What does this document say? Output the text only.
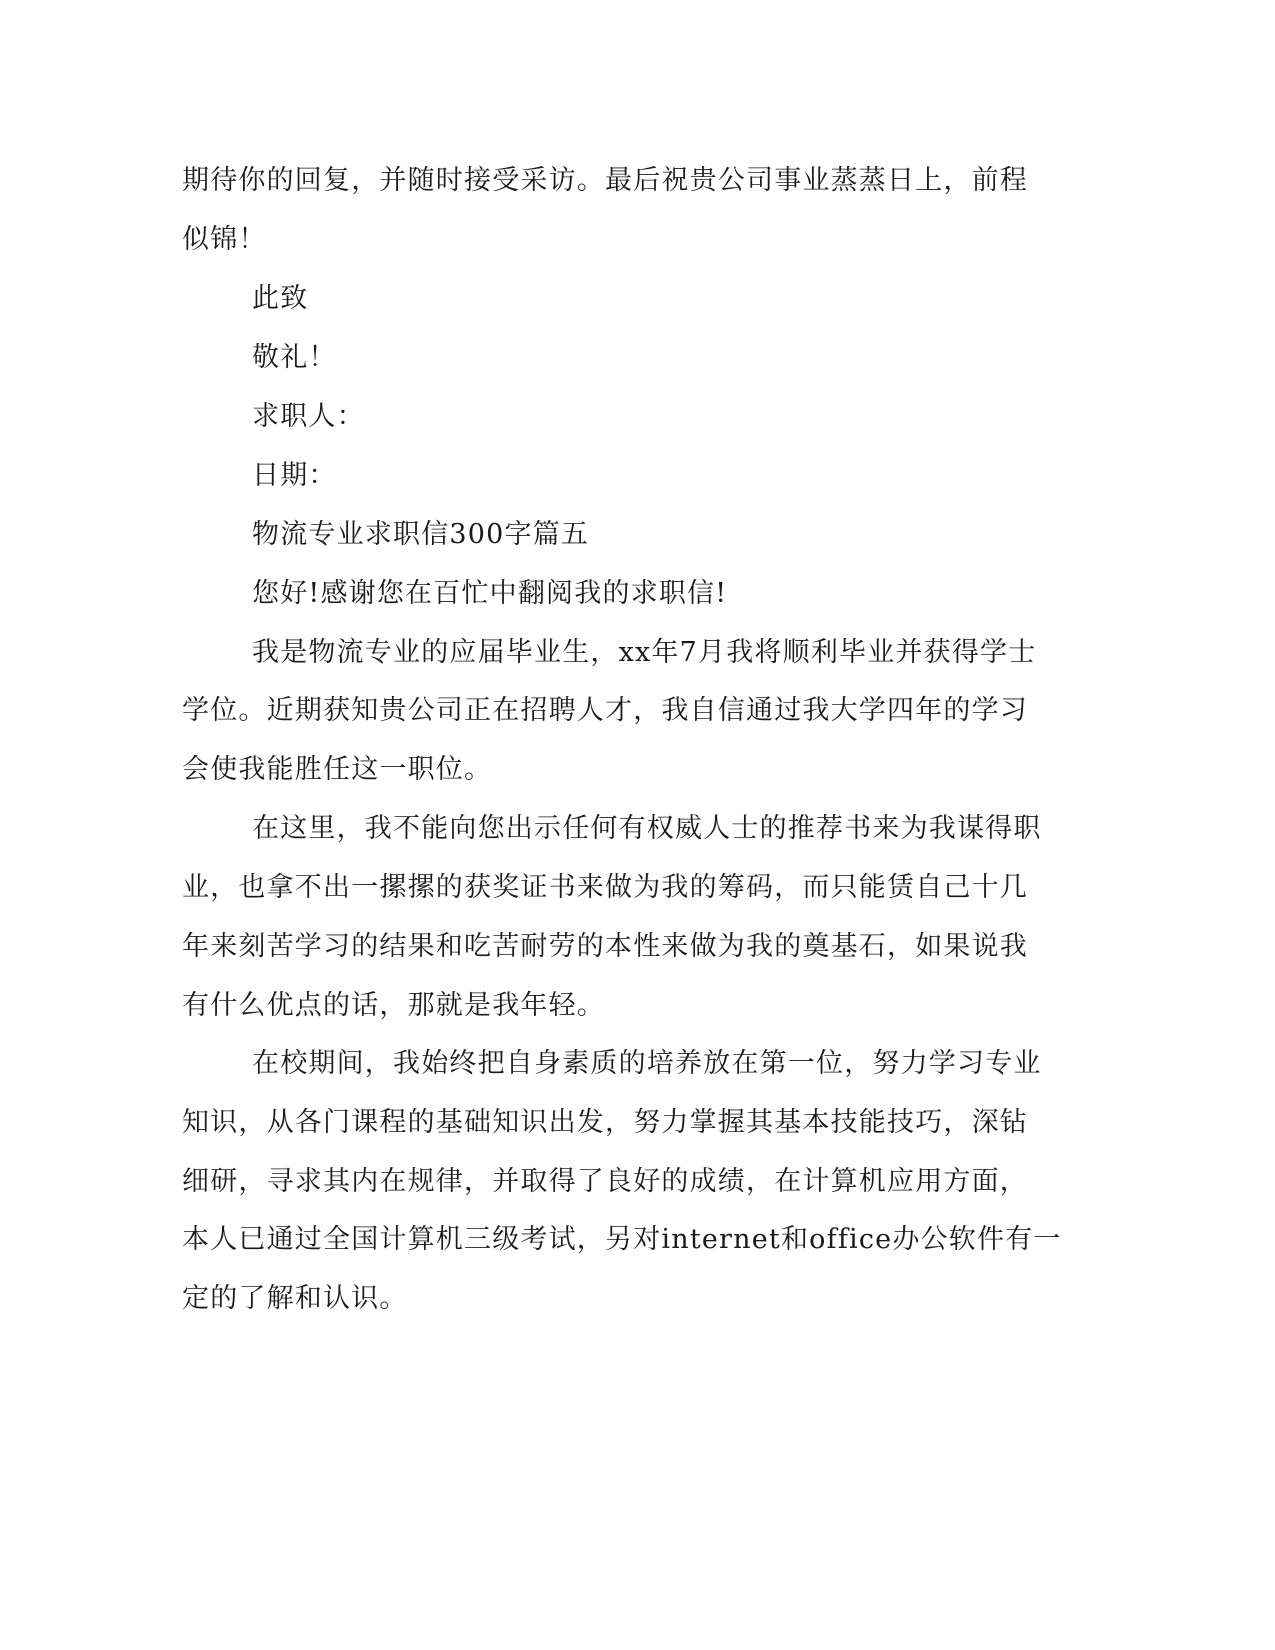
期待你的回复，并随时接受采访。最后祝贵公司事业蒸蒸日上，前程

似锦！

此致

敬礼！

求职人：

日期：

物流专业求职信300字篇五

您好!感谢您在百忙中翻阅我的求职信!

我是物流专业的应届毕业生，xx年7月我将顺利毕业并获得学士

学位。近期获知贵公司正在招聘人才，我自信通过我大学四年的学习

会使我能胜任这一职位。

在这里，我不能向您出示任何有权威人士的推荐书来为我谋得职

业，也拿不出一摞摞的获奖证书来做为我的筹码，而只能赁自己十几

年来刻苦学习的结果和吃苦耐劳的本性来做为我的奠基石，如果说我

有什么优点的话，那就是我年轻。

在校期间，我始终把自身素质的培养放在第一位，努力学习专业

知识，从各门课程的基础知识出发，努力掌握其基本技能技巧，深钻

细研，寻求其内在规律，并取得了良好的成绩，在计算机应用方面，

本人已通过全国计算机三级考试，另对internet和office办公软件有一

定的了解和认识。
